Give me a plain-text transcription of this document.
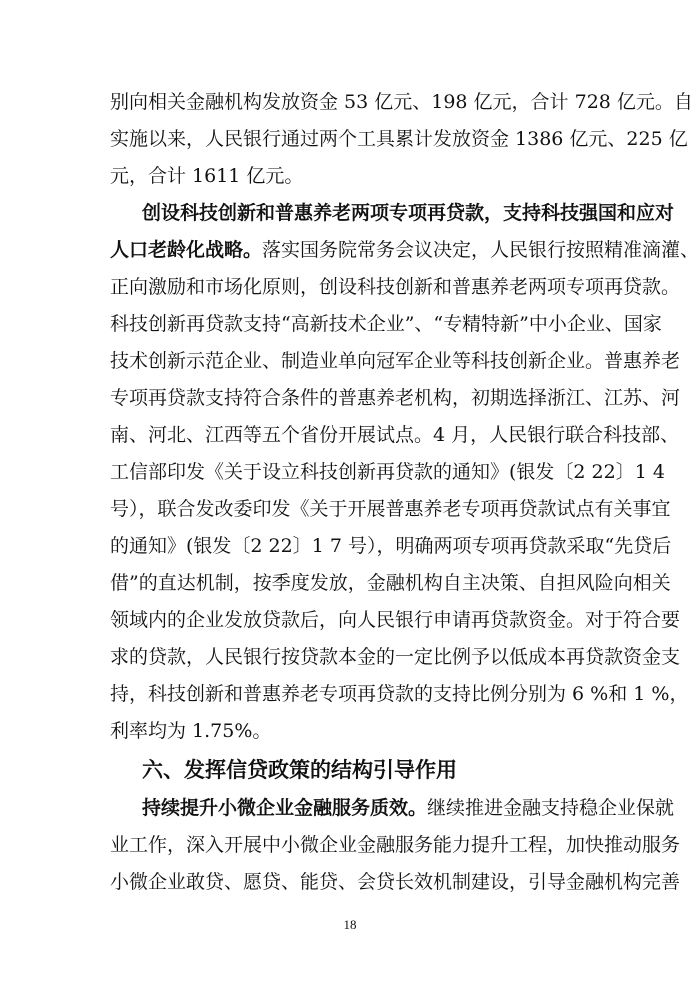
别向相关金融机构发放资金 53 亿元、198 亿元，合计 728 亿元。自
实施以来，人民银行通过两个工具累计发放资金 1386 亿元、225 亿
元，合计 1611 亿元。
创设科技创新和普惠养老两项专项再贷款，支持科技强国和应对
人口老龄化战略。落实国务院常务会议决定，人民银行按照精准滴灌、
正向激励和市场化原则，创设科技创新和普惠养老两项专项再贷款。
科技创新再贷款支持“高新技术企业”、“专精特新”中小企业、国家
技术创新示范企业、制造业单向冠军企业等科技创新企业。普惠养老
专项再贷款支持符合条件的普惠养老机构，初期选择浙江、江苏、河
南、河北、江西等五个省份开展试点。4 月，人民银行联合科技部、
工信部印发《关于设立科技创新再贷款的通知》(银发〔2 22〕1 4
号），联合发改委印发《关于开展普惠养老专项再贷款试点有关事宜
的通知》(银发〔2 22〕1 7 号），明确两项专项再贷款采取“先贷后
借”的直达机制，按季度发放，金融机构自主决策、自担风险向相关
领域内的企业发放贷款后，向人民银行申请再贷款资金。对于符合要
求的贷款，人民银行按贷款本金的一定比例予以低成本再贷款资金支
持，科技创新和普惠养老专项再贷款的支持比例分别为 6 %和 1 %，
利率均为 1.75%。
六、发挥信贷政策的结构引导作用
持续提升小微企业金融服务质效。继续推进金融支持稳企业保就
业工作，深入开展中小微企业金融服务能力提升工程，加快推动服务
小微企业敢贷、愿贷、能贷、会贷长效机制建设，引导金融机构完善
18
